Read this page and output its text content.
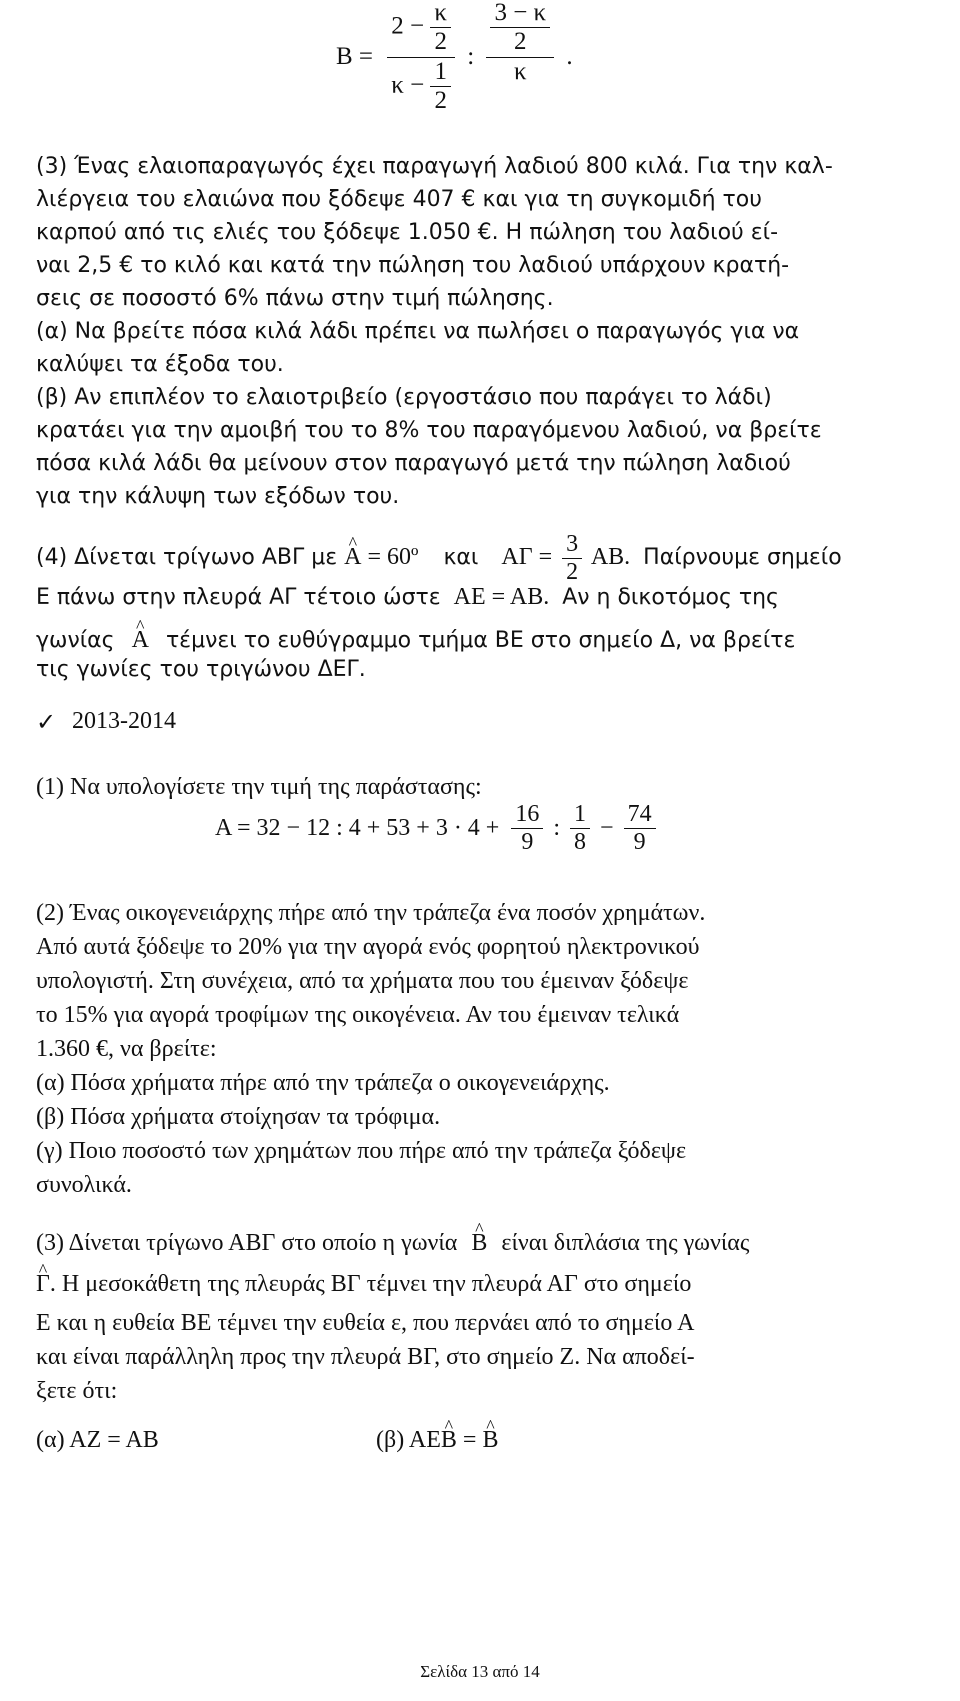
$B = \frac{2 - \frac{\kappa}{2}}{\kappa - \frac{1}{2}}$ : $\frac{\frac{3 - \kappa}{2}}{\kappa}$ .
(3) Ένας ελαιοπαραγωγός έχει παραγωγή λαδιού 800 κιλά. Για την καλ-
λιέργεια του ελαιώνα που ξόδεψε 407 € και για τη συγκομιδή του
καρπού από τις ελιές του ξόδεψε 1.050 €. Η πώληση του λαδιού εί-
ναι 2,5 € το κιλό και κατά την πώληση του λαδιού υπάρχουν κρατή-
σεις σε ποσοστό 6% πάνω στην τιμή πώλησης.
(α) Να βρείτε πόσα κιλά λάδι πρέπει να πωλήσει ο παραγωγός για να
καλύψει τα έξοδα του.
(β) Αν επιπλέον το ελαιοτριβείο (εργοστάσιο που παράγει το λάδι)
κρατάει για την αμοιβή του το 8% του παραγόμενου λαδιού, να βρείτε
πόσα κιλά λάδι θα μείνουν στον παραγωγό μετά την πώληση λαδιού
για την κάλυψη των εξόδων του.
(4) Δίνεται τρίγωνο ΑΒΓ με ^ Α = 60º και $A\Gamma = \frac{3}{2} AB$. Παίρνουμε σημείο
Ε πάνω στην πλευρά ΑΓ τέτοιο ώστε ΑΕ = ΑΒ. Αν η δικοτόμος της
γωνίας ^ Α τέμνει το ευθύγραμμο τμήμα ΒΕ στο σημείο Δ, να βρείτε
τις γωνίες του τριγώνου ΔΕΓ.
✓ 2013-2014
(1) Να υπολογίσετε την τιμή της παράστασης:
Α = 32 − 12 : $4 + 53 + 3 \cdot 4 + \frac{16}{9}$ : $\frac{1}{8} - \frac{74}{9}$
(2) Ένας οικογενειάρχης πήρε από την τράπεζα ένα ποσόν χρημάτων.
Από αυτά ξόδεψε το 20% για την αγορά ενός φορητού ηλεκτρονικού
υπολογιστή. Στη συνέχεια, από τα χρήματα που του έμειναν ξόδεψε
το 15% για αγορά τροφίμων της οικογένεια. Αν του έμειναν τελικά
1.360 €, να βρείτε:
(α) Πόσα χρήματα πήρε από την τράπεζα ο οικογενειάρχης.
(β) Πόσα χρήματα στοίχησαν τα τρόφιμα.
(γ) Ποιο ποσοστό των χρημάτων που πήρε από την τράπεζα ξόδεψε
συνολικά.
(3) Δίνεται τρίγωνο ΑΒΓ στο οποίο η γωνία ^ Β είναι διπλάσια της γωνίας
^ Γ. Η μεσοκάθετη της πλευράς ΒΓ τέμνει την πλευρά ΑΓ στο σημείο
Ε και η ευθεία ΒΕ τέμνει την ευθεία ε, που περνάει από το σημείο Α
και είναι παράλληλη προς την πλευρά ΒΓ, στο σημείο Ζ. Να αποδεί-
ξετε ότι:
(α) ΑΖ = ΑΒ	(β) ΑΕ^ Β = ^ Β
Σελίδα 13 από 14
